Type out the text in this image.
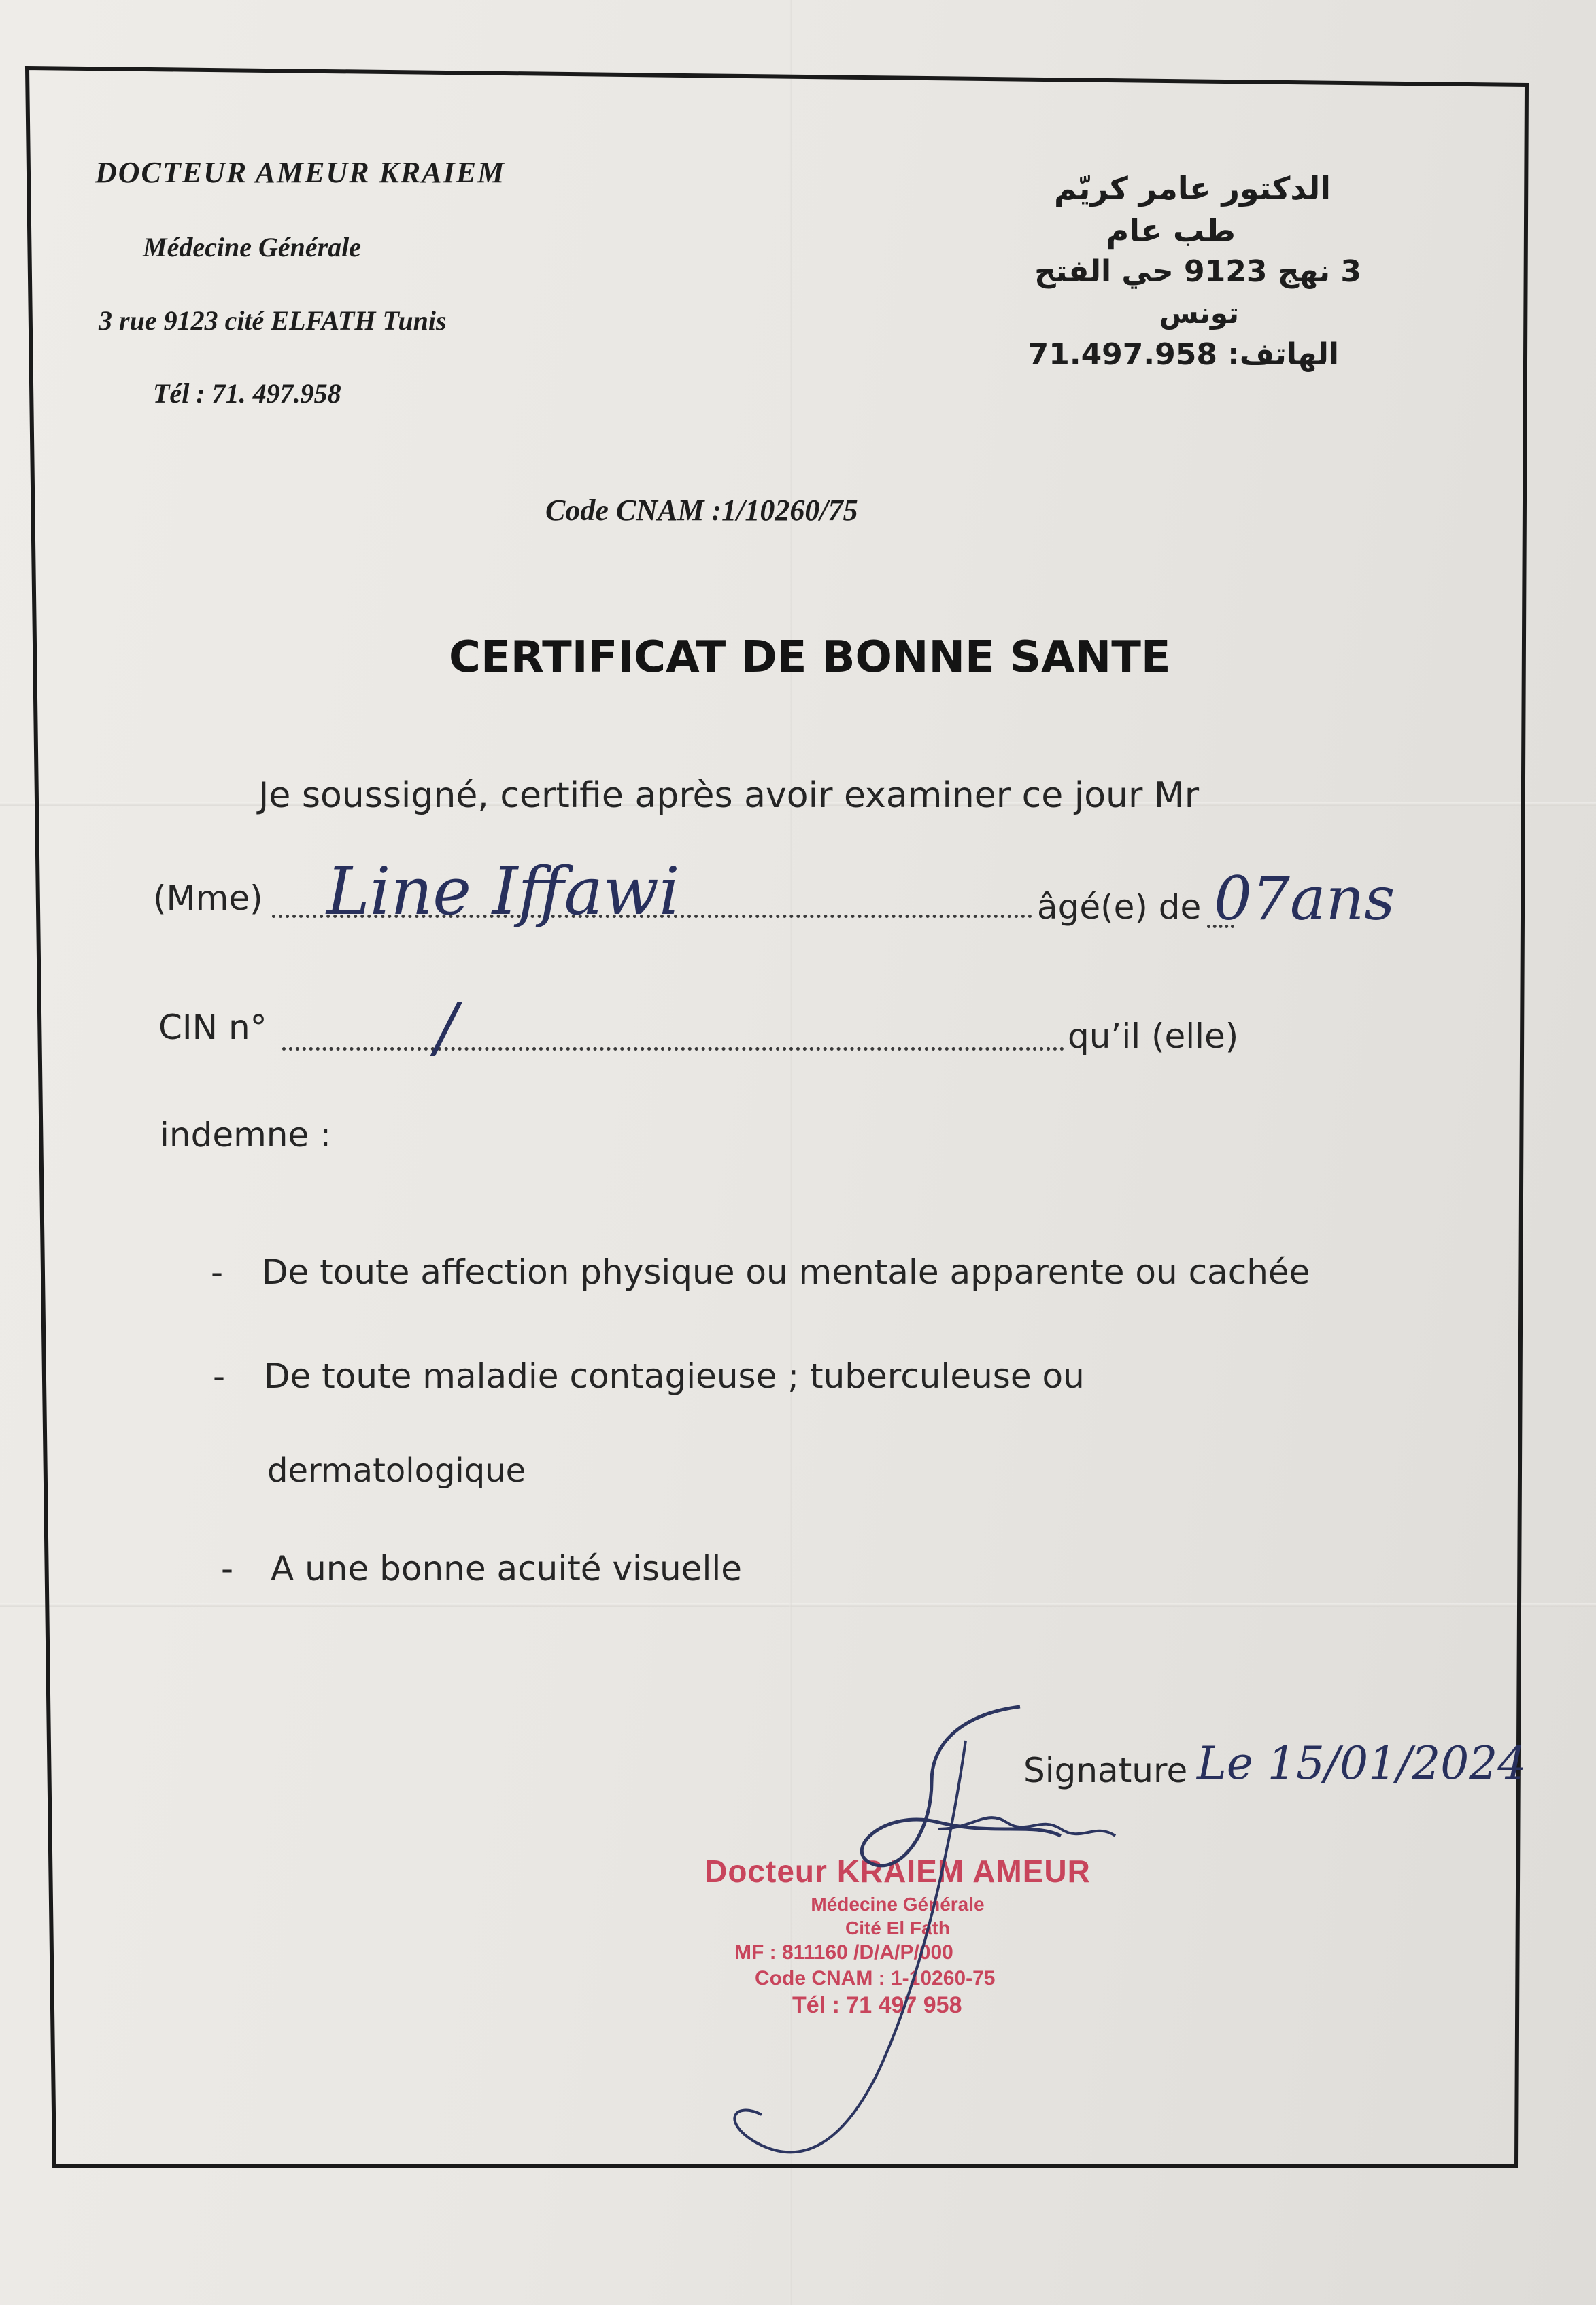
DOCTEUR AMEUR KRAIEM
Médecine Générale
3 rue 9123 cité ELFATH Tunis
Tél : 71. 497.958
الدكتور عامر كريّم
طب عام
3 نهج 9123 حي الفتح
تونس
الهاتف: 71.497.958
Code CNAM :1/10260/75
CERTIFICAT DE BONNE SANTE
Je soussigné, certifie après avoir examiner ce jour Mr
(Mme) Line Iffawi	âgé(e) de 07ans
CIN n°	/	qu’il (elle)
indemne :
- De toute affection physique ou mentale apparente ou cachée
- De toute maladie contagieuse ; tuberculeuse ou
dermatologique
- A une bonne acuité visuelle
Signature Le 15/01/2024
Docteur KRAIEM AMEUR
Médecine Générale
Cité El Fath
MF : 811160 /D/A/P/000
Code CNAM : 1-10260-75
Tél : 71 497 958
